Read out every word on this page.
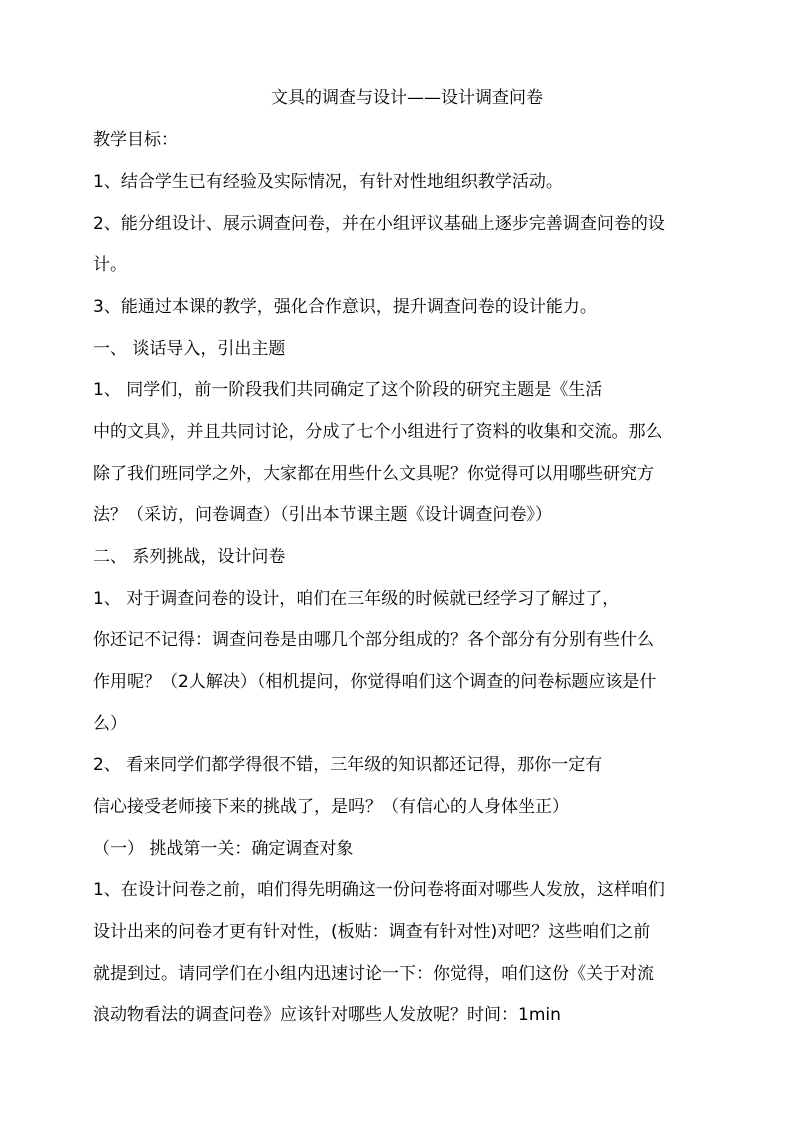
文具的调查与设计——设计调查问卷
教学目标：
1、结合学生已有经验及实际情况，有针对性地组织教学活动。
2、能分组设计、展示调查问卷，并在小组评议基础上逐步完善调查问卷的设
计。
3、能通过本课的教学，强化合作意识，提升调查问卷的设计能力。
一、 谈话导入，引出主题
1、 同学们，前一阶段我们共同确定了这个阶段的研究主题是《生活
中的文具》，并且共同讨论，分成了七个小组进行了资料的收集和交流。那么
除了我们班同学之外，大家都在用些什么文具呢？你觉得可以用哪些研究方
法？（采访，问卷调查）（引出本节课主题《设计调查问卷》）
二、 系列挑战，设计问卷
1、 对于调查问卷的设计，咱们在三年级的时候就已经学习了解过了，
你还记不记得：调查问卷是由哪几个部分组成的？各个部分有分别有些什么
作用呢？（2人解决）（相机提问，你觉得咱们这个调查的问卷标题应该是什
么）
2、 看来同学们都学得很不错，三年级的知识都还记得，那你一定有
信心接受老师接下来的挑战了，是吗？（有信心的人身体坐正）
（一） 挑战第一关：确定调查对象
1、在设计问卷之前，咱们得先明确这一份问卷将面对哪些人发放，这样咱们
设计出来的问卷才更有针对性，(板贴：调查有针对性)对吧？这些咱们之前
就提到过。请同学们在小组内迅速讨论一下：你觉得，咱们这份《关于对流
浪动物看法的调查问卷》应该针对哪些人发放呢？时间：1min
